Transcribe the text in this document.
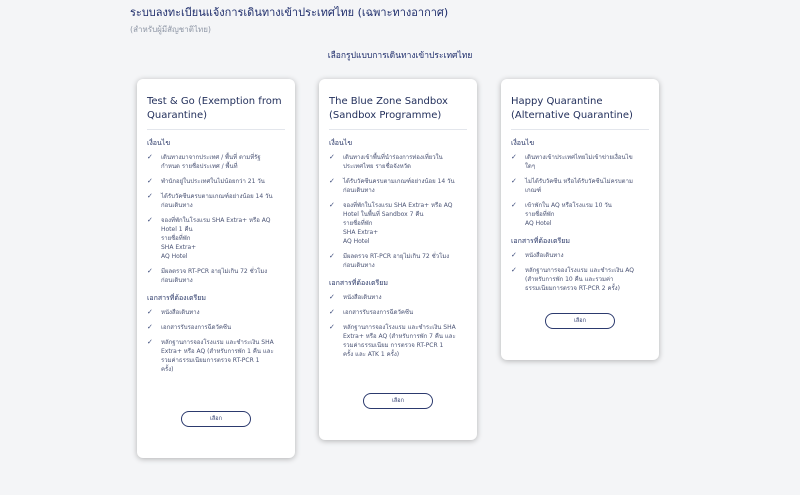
ระบบลงทะเบียนแจ้งการเดินทางเข้าประเทศไทย (เฉพาะทางอากาศ)
(สำหรับผู้มีสัญชาติไทย)
เลือกรูปแบบการเดินทางเข้าประเทศไทย
Test & Go (Exemption from Quarantine)
เงื่อนไข
✓	เดินทางมาจากประเทศ / พื้นที่ ตามที่รัฐ
กำหนด รายชื่อประเทศ / พื้นที่
✓	พำนักอยู่ในประเทศในไม่น้อยกว่า 21 วัน
✓	ได้รับวัคซีนครบตามเกณฑ์อย่างน้อย 14 วัน
ก่อนเดินทาง
✓	จองที่พักในโรงแรม SHA Extra+ หรือ AQ
Hotel 1 คืน
รายชื่อที่พัก
SHA Extra+
AQ Hotel
✓	มีผลตรวจ RT-PCR อายุไม่เกิน 72 ชั่วโมง
ก่อนเดินทาง
เอกสารที่ต้องเตรียม
✓	หนังสือเดินทาง
✓	เอกสารรับรองการฉีดวัคซีน
✓	หลักฐานการจองโรงแรม และชำระเงิน SHA
Extra+ หรือ AQ (สำหรับการพัก 1 คืน และ
รวมค่าธรรมเนียมการตรวจ RT-PCR 1
ครั้ง)
เลือก
The Blue Zone Sandbox (Sandbox Programme)
เงื่อนไข
✓	เดินทางเข้าพื้นที่นำร่องการท่องเที่ยวใน
ประเทศไทย รายชื่อจังหวัด
✓	ได้รับวัคซีนครบตามเกณฑ์อย่างน้อย 14 วัน
ก่อนเดินทาง
✓	จองที่พักในโรงแรม SHA Extra+ หรือ AQ
Hotel ในพื้นที่ Sandbox 7 คืน
รายชื่อที่พัก
SHA Extra+
AQ Hotel
✓	มีผลตรวจ RT-PCR อายุไม่เกิน 72 ชั่วโมง
ก่อนเดินทาง
เอกสารที่ต้องเตรียม
✓	หนังสือเดินทาง
✓	เอกสารรับรองการฉีดวัคซีน
✓	หลักฐานการจองโรงแรม และชำระเงิน SHA
Extra+ หรือ AQ (สำหรับการพัก 7 คืน และ
รวมค่าธรรมเนียม การตรวจ RT-PCR 1
ครั้ง และ ATK 1 ครั้ง)
เลือก
Happy Quarantine (Alternative Quarantine)
เงื่อนไข
✓	เดินทางเข้าประเทศไทยไม่เข้าข่ายเงื่อนไข
ใดๆ
✓	ไม่ได้รับวัคซีน หรือได้รับวัคซีนไม่ครบตาม
เกณฑ์
✓	เข้าพักใน AQ หรือโรงแรม 10 วัน
รายชื่อที่พัก
AQ Hotel
เอกสารที่ต้องเตรียม
✓	หนังสือเดินทาง
✓	หลักฐานการจองโรงแรม และชำระเงิน AQ
(สำหรับการพัก 10 คืน และรวมค่า
ธรรมเนียมการตรวจ RT-PCR 2 ครั้ง)
เลือก
